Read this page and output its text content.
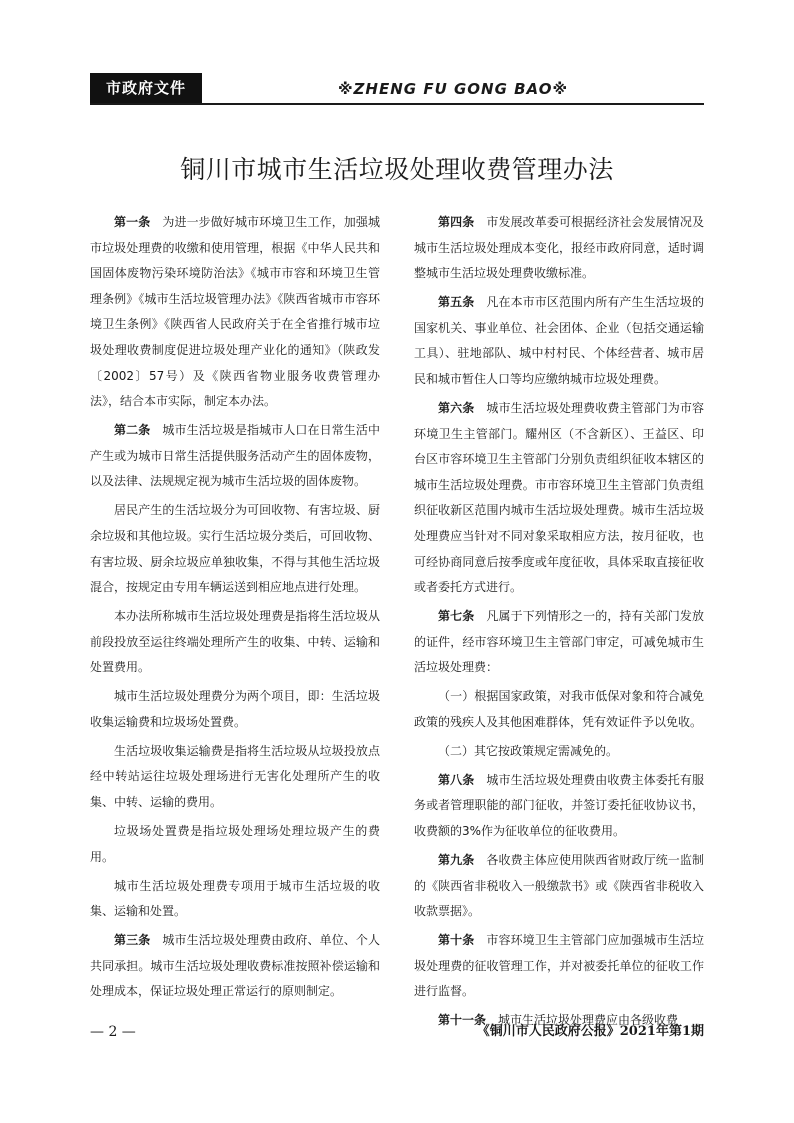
市政府文件	※ZHENG FU GONG BAO※
铜川市城市生活垃圾处理收费管理办法

第一条  为进一步做好城市环境卫生工作，加强城市垃圾处理费的收缴和使用管理，根据《中华人民共和国固体废物污染环境防治法》《城市市容和环境卫生管理条例》《城市生活垃圾管理办法》《陕西省城市市容环境卫生条例》《陕西省人民政府关于在全省推行城市垃圾处理收费制度促进垃圾处理产业化的通知》（陕政发〔2002〕57号）及《陕西省物业服务收费管理办法》，结合本市实际，制定本办法。

第二条  城市生活垃圾是指城市人口在日常生活中产生或为城市日常生活提供服务活动产生的固体废物，以及法律、法规规定视为城市生活垃圾的固体废物。

居民产生的生活垃圾分为可回收物、有害垃圾、厨余垃圾和其他垃圾。实行生活垃圾分类后，可回收物、有害垃圾、厨余垃圾应单独收集，不得与其他生活垃圾混合，按规定由专用车辆运送到相应地点进行处理。

本办法所称城市生活垃圾处理费是指将生活垃圾从前段投放至运往终端处理所产生的收集、中转、运输和处置费用。

城市生活垃圾处理费分为两个项目，即：生活垃圾收集运输费和垃圾场处置费。

生活垃圾收集运输费是指将生活垃圾从垃圾投放点经中转站运往垃圾处理场进行无害化处理所产生的收集、中转、运输的费用。

垃圾场处置费是指垃圾处理场处理垃圾产生的费用。

城市生活垃圾处理费专项用于城市生活垃圾的收集、运输和处置。

第三条  城市生活垃圾处理费由政府、单位、个人共同承担。城市生活垃圾处理收费标准按照补偿运输和处理成本，保证垃圾处理正常运行的原则制定。

第四条  市发展改革委可根据经济社会发展情况及城市生活垃圾处理成本变化，报经市政府同意，适时调整城市生活垃圾处理费收缴标准。

第五条  凡在本市市区范围内所有产生生活垃圾的国家机关、事业单位、社会团体、企业（包括交通运输工具）、驻地部队、城中村村民、个体经营者、城市居民和城市暂住人口等均应缴纳城市垃圾处理费。

第六条  城市生活垃圾处理费收费主管部门为市容环境卫生主管部门。耀州区（不含新区）、王益区、印台区市容环境卫生主管部门分别负责组织征收本辖区的城市生活垃圾处理费。市市容环境卫生主管部门负责组织征收新区范围内城市生活垃圾处理费。城市生活垃圾处理费应当针对不同对象采取相应方法，按月征收，也可经协商同意后按季度或年度征收，具体采取直接征收或者委托方式进行。

第七条  凡属于下列情形之一的，持有关部门发放的证件，经市容环境卫生主管部门审定，可减免城市生活垃圾处理费：

（一）根据国家政策，对我市低保对象和符合减免政策的残疾人及其他困难群体，凭有效证件予以免收。

（二）其它按政策规定需减免的。

第八条  城市生活垃圾处理费由收费主体委托有服务或者管理职能的部门征收，并签订委托征收协议书，收费额的3%作为征收单位的征收费用。

第九条  各收费主体应使用陕西省财政厅统一监制的《陕西省非税收入一般缴款书》或《陕西省非税收入收款票据》。

第十条  市容环境卫生主管部门应加强城市生活垃圾处理费的征收管理工作，并对被委托单位的征收工作进行监督。

第十一条  城市生活垃圾处理费应由各级收费

— 2 —	《铜川市人民政府公报》2021年第1期
